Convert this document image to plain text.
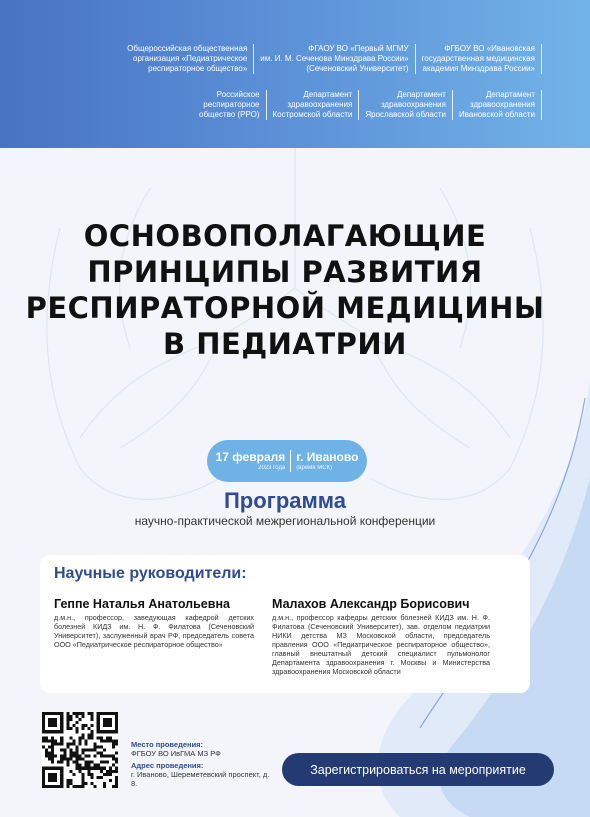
Общероссийская общественная
организация «Педиатрическое
респираторное общество»
ФГАОУ ВО «Первый МГМУ
им. И. М. Сеченова Минздрава России»
(Сеченовский Университет)
ФГБОУ ВО «Ивановская
государственная медицинская
академия Минздрава России»
Российское
респираторное
общество (РРО)
Департамент
здравоохранения
Костромской области
Департамент
здравоохранения
Ярославской области
Департамент
здравоохранения
Ивановской области
ОСНОВОПОЛАГАЮЩИЕ
ПРИНЦИПЫ РАЗВИТИЯ
РЕСПИРАТОРНОЙ МЕДИЦИНЫ
В ПЕДИАТРИИ
17 февраля
2023 года
г. Иваново
(время МСК)
Программа
научно-практической межрегиональной конференции
Научные руководители:
Геппе Наталья Анатольевна
д.м.н., профессор, заведующая кафедрой детских болезней КИДЗ им. Н. Ф. Филатова (Сеченовский Университет), заслуженный врач РФ, председатель совета ООО «Педиатрическое респираторное общество»
Малахов Александр Борисович
д.м.н., профессор кафедры детских болезней КИДЗ им. Н. Ф. Филатова (Сеченовский Университет), зав. отделом педиатрии НИКИ детства МЗ Московской области, председатель правления ООО «Педиатрическое респираторное общество», главный внештатный детский специалист пульмонолог Департамента здравоохранения г. Москвы и Министерства здравоохранения Московской области
Место проведения:
ФГБОУ ВО ИвГМА МЗ РФ
Адрес проведения:
г. Иваново, Шереметевский проспект, д. 8.
Зарегистрироваться на мероприятие
